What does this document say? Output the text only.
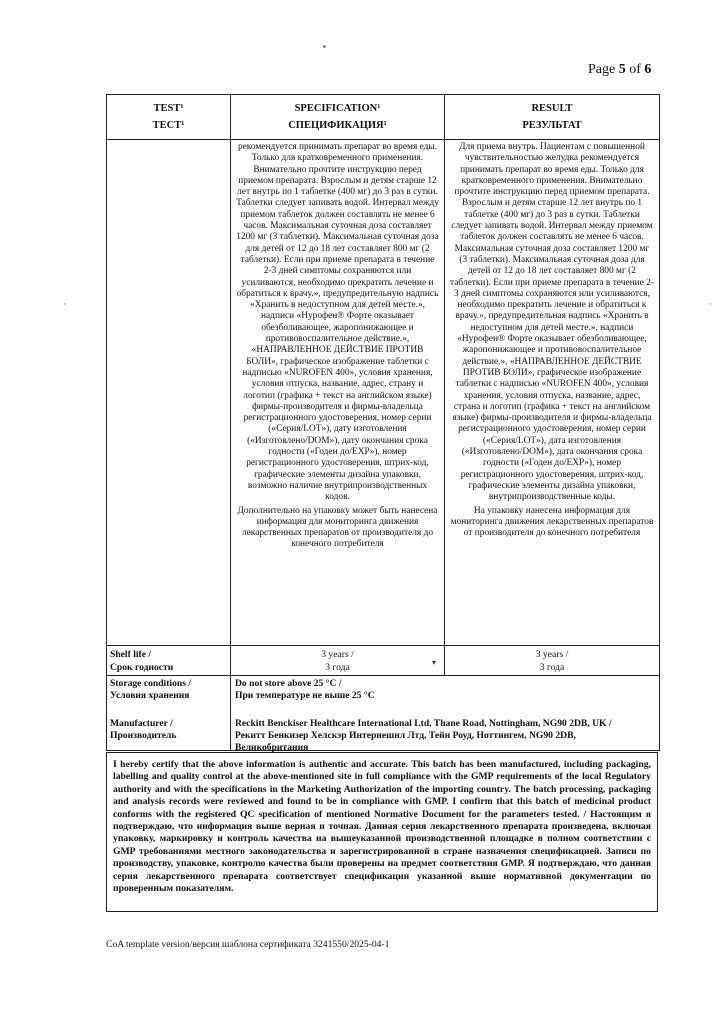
Page 5 of 6
TEST¹
ТЕСТ¹
SPECIFICATION¹
СПЕЦИФИКАЦИЯ¹
RESULT
РЕЗУЛЬТАТ

рекомендуется принимать препарат во время еды. Только для кратковременного применения. Внимательно прочтите инструкцию перед приемом препарата. Взрослым и детям старше 12 лет внутрь по 1 таблетке (400 мг) до 3 раз в сутки. Таблетки следует запивать водой. Интервал между приемом таблеток должен составлять не менее 6 часов. Максимальная суточная доза составляет 1200 мг (3 таблетки). Максимальная суточная доза для детей от 12 до 18 лет составляет 800 мг (2 таблетки). Если при приеме препарата в течение 2-3 дней симптомы сохраняются или усиливаются, необходимо прекратить лечение и обратиться к врачу.», предупредительную надпись «Хранить в недоступном для детей месте.», надписи «Нурофен® Форте оказывает обезболивающее, жаропонижающее и противовоспалительное действие.», «НАПРАВЛЕННОЕ ДЕЙСТВИЕ ПРОТИВ БОЛИ», графическое изображение таблетки с надписью «NUROFEN 400», условия хранения, условия отпуска, название, адрес, страну и логотип (графика + текст на английском языке) фирмы-производителя и фирмы-владельца регистрационного удостоверения, номер серии («Серия/LOT»), дату изготовления («Изготовлено/DOM»), дату окончания срока годности («Годен до/EXP»), номер регистрационного удостоверения, штрих-код, графические элементы дизайна упаковки, возможно наличие внутрипроизводственных кодов.

Дополнительно на упаковку может быть нанесена информация для мониторинга движения лекарственных препаратов от производителя до конечного потребителя

Для приема внутрь. Пациентам с повышенной чувствительностью желудка рекомендуется принимать препарат во время еды. Только для кратковременного применения. Внимательно прочтите инструкцию перед приемом препарата. Взрослым и детям старше 12 лет внутрь по 1 таблетке (400 мг) до 3 раз в сутки. Таблетки следует запивать водой. Интервал между приемом таблеток должен составлять не менее 6 часов. Максимальная суточная доза составляет 1200 мг (3 таблетки). Максимальная суточная доза для детей от 12 до 18 лет составляет 800 мг (2 таблетки). Если при приеме препарата в течение 2-3 дней симптомы сохраняются или усиливаются, необходимо прекратить лечение и обратиться к врачу.», предупредительная надпись «Хранить в недоступном для детей месте.», надписи «Нурофен® Форте оказывает обезболивающее, жаропонижающее и противовоспалительное действие.», «НАПРАВЛЕННОЕ ДЕЙСТВИЕ ПРОТИВ БОЛИ», графическое изображение таблетки с надписью «NUROFEN 400», условия хранения, условия отпуска, название, адрес, страна и логотип (графика + текст на английском языке) фирмы-производителя и фирмы-владельца регистрационного удостоверения, номер серии («Серия/LOT»), дата изготовления («Изготовлено/DOM»), дата окончания срока годности («Годен до/EXP»), номер регистрационного удостоверения, штрих-код, графические элементы дизайна упаковки, внутрипроизводственные коды.

На упаковку нанесена информация для мониторинга движения лекарственных препаратов от производителя до конечного потребителя

Shelf life /
Срок годности
3 years /
3 года
3 years /
3 года
Storage conditions /
Условия хранения
Manufacturer /
Производитель
Do not store above 25 °C /
При температуре не выше 25 °C
Reckitt Benckiser Healthcare International Ltd, Thane Road, Nottingham, NG90 2DB, UK /
Рекитт Бенкизер Хелскэр Интернешнл Лтд, Тейн Роуд, Ноттингем, NG90 2DB,
Великобритания
I hereby certify that the above information is authentic and accurate. This batch has been manufactured, including packaging, labelling and quality control at the above-mentioned site in full compliance with the GMP requirements of the local Regulatory authority and with the specifications in the Marketing Authorization of the importing country. The batch processing, packaging and analysis records were reviewed and found to be in compliance with GMP. I confirm that this batch of medicinal product conforms with the registered QC specification of mentioned Normative Document for the parameters tested. / Настоящим я подтверждаю, что информация выше верная и точная. Данная серия лекарственного препарата произведена, включая упаковку, маркировку и контроль качества на вышеуказанной производственной площадке в полном соответствии с GMP требованиями местного законодательства и зарегистрированной в стране назначения спецификацией. Записи по производству, упаковке, контролю качества были проверены на предмет соответствия GMP. Я подтверждаю, что данная серия лекарственного препарата соответствует спецификации указанной выше нормативной документации по проверенным показателям.
CoA template version/версия шаблона сертификата 3241550/2025-04-1
▪
·	·
▾
